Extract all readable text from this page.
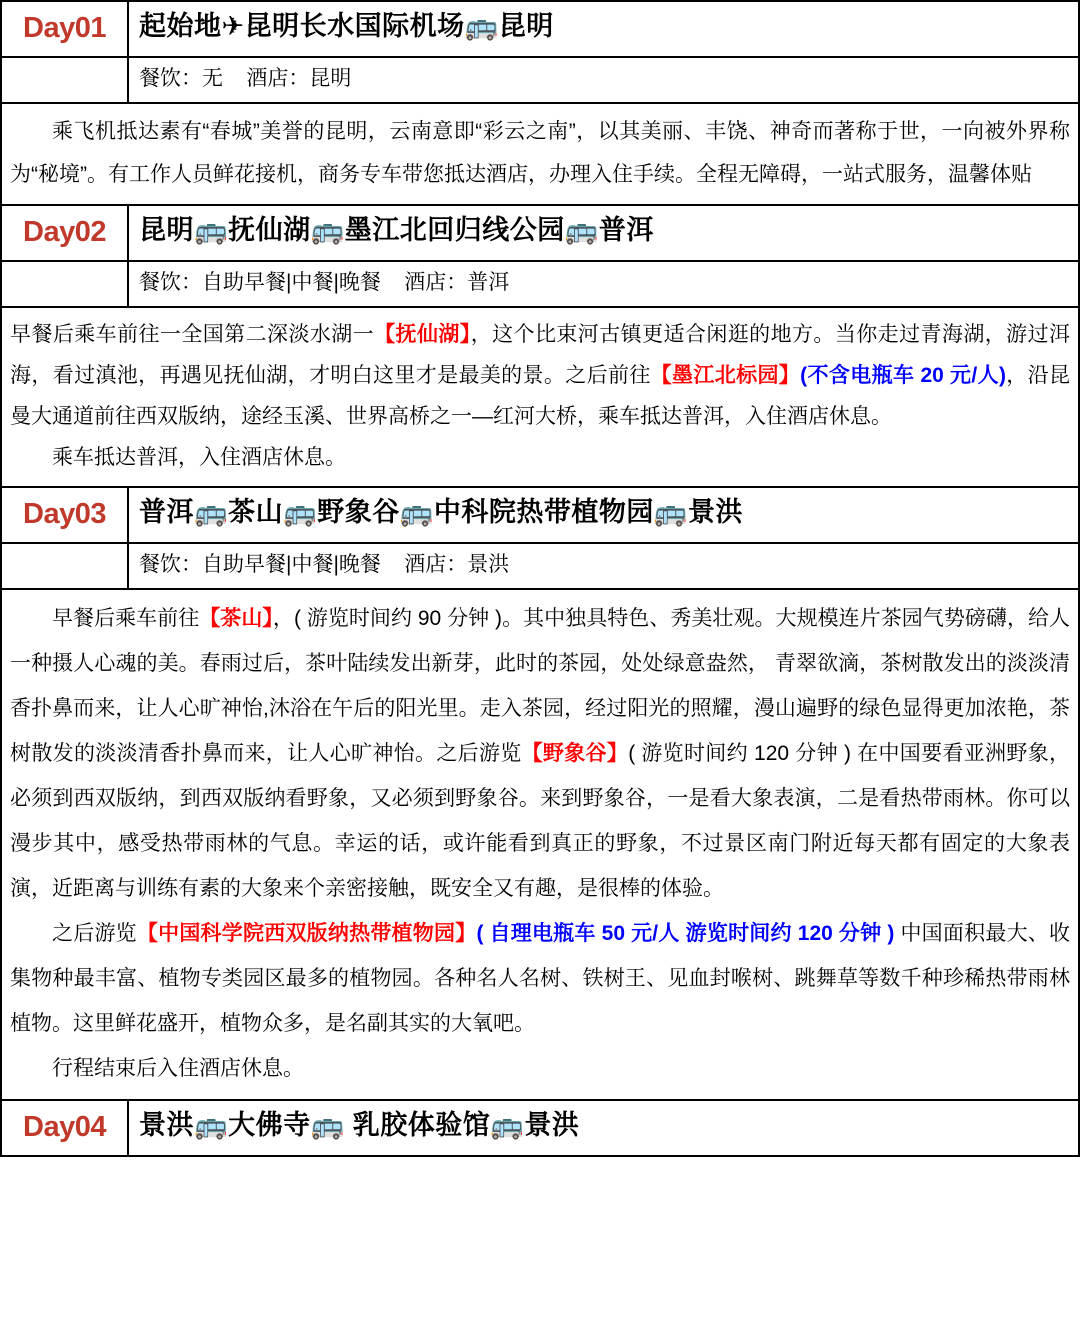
Day01 起始地✈昆明长水国际机场🚌昆明
餐饮：无    酒店：昆明

乘飞机抵达素有“春城”美誉的昆明，云南意即“彩云之南”，以其美丽、丰饶、神奇而著称于世，一向被外界称为“秘境”。有工作人员鲜花接机，商务专车带您抵达酒店，办理入住手续。全程无障碍，一站式服务，温馨体贴

Day02 昆明🚌抚仙湖🚌墨江北回归线公园🚌普洱
餐饮：自助早餐|中餐|晚餐    酒店：普洱

早餐后乘车前往一全国第二深淡水湖一【抚仙湖】，这个比束河古镇更适合闲逛的地方。当你走过青海湖，游过洱海，看过滇池，再遇见抚仙湖，才明白这里才是最美的景。之后前往【墨江北标园】(不含电瓶车 20 元/人)，沿昆曼大通道前往西双版纳，途经玉溪、世界高桥之一—红河大桥，乘车抵达普洱，入住酒店休息。

乘车抵达普洱，入住酒店休息。

Day03 普洱🚌茶山🚌野象谷🚌中科院热带植物园🚌景洪
餐饮：自助早餐|中餐|晚餐    酒店：景洪

早餐后乘车前往【茶山】，( 游览时间约 90 分钟 )。其中独具特色、秀美壮观。大规模连片茶园气势磅礴，给人一种摄人心魂的美。春雨过后，茶叶陆续发出新芽，此时的茶园，处处绿意盎然， 青翠欲滴，茶树散发出的淡淡清香扑鼻而来，让人心旷神怡,沐浴在午后的阳光里。走入茶园，经过阳光的照耀，漫山遍野的绿色显得更加浓艳，茶树散发的淡淡清香扑鼻而来，让人心旷神怡。之后游览【野象谷】( 游览时间约 120 分钟 ) 在中国要看亚洲野象，必须到西双版纳，到西双版纳看野象，又必须到野象谷。来到野象谷，一是看大象表演，二是看热带雨林。你可以漫步其中，感受热带雨林的气息。幸运的话，或许能看到真正的野象，不过景区南门附近每天都有固定的大象表演，近距离与训练有素的大象来个亲密接触，既安全又有趣，是很棒的体验。

之后游览【中国科学院西双版纳热带植物园】( 自理电瓶车 50 元/人 游览时间约 120 分钟 ) 中国面积最大、收集物种最丰富、植物专类园区最多的植物园。各种名人名树、铁树王、见血封喉树、跳舞草等数千种珍稀热带雨林植物。这里鲜花盛开，植物众多，是名副其实的大氧吧。

行程结束后入住酒店休息。

Day04 景洪🚌大佛寺🚌 乳胶体验馆🚌景洪
